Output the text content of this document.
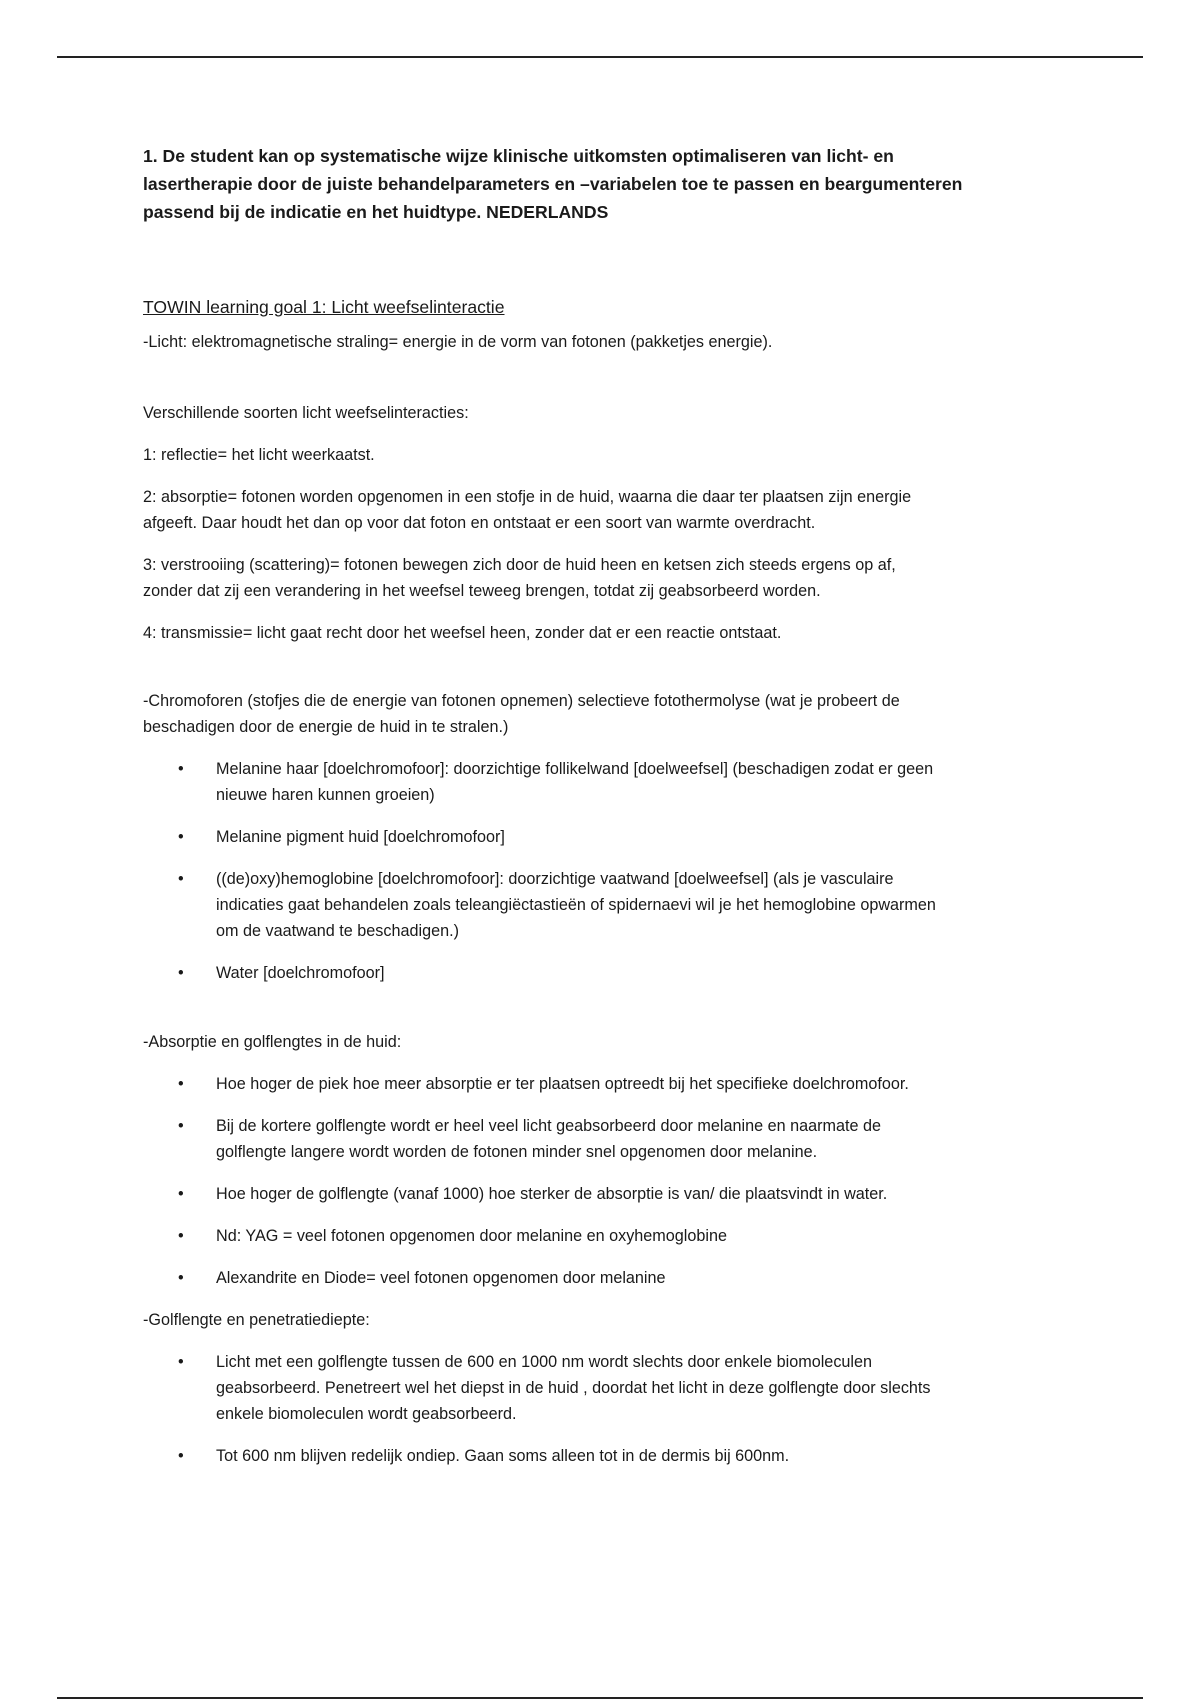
1. De student kan op systematische wijze klinische uitkomsten optimaliseren van licht- en
lasertherapie door de juiste behandelparameters en –variabelen toe te passen en beargumenteren
passend bij de indicatie en het huidtype. NEDERLANDS
TOWIN learning goal 1: Licht weefselinteractie

-Licht: elektromagnetische straling= energie in de vorm van fotonen (pakketjes energie).

Verschillende soorten licht weefselinteracties:

1: reflectie= het licht weerkaatst.

2: absorptie= fotonen worden opgenomen in een stofje in de huid, waarna die daar ter plaatsen zijn energie
afgeeft. Daar houdt het dan op voor dat foton en ontstaat er een soort van warmte overdracht.

3: verstrooiing (scattering)= fotonen bewegen zich door de huid heen en ketsen zich steeds ergens op af,
zonder dat zij een verandering in het weefsel teweeg brengen, totdat zij geabsorbeerd worden.

4: transmissie= licht gaat recht door het weefsel heen, zonder dat er een reactie ontstaat.

-Chromoforen (stofjes die de energie van fotonen opnemen) selectieve fotothermolyse (wat je probeert de
beschadigen door de energie de huid in te stralen.)

• Melanine haar [doelchromofoor]: doorzichtige follikelwand [doelweefsel] (beschadigen zodat er geen
nieuwe haren kunnen groeien)
• Melanine pigment huid [doelchromofoor]
• ((de)oxy)hemoglobine [doelchromofoor]: doorzichtige vaatwand [doelweefsel] (als je vasculaire
indicaties gaat behandelen zoals teleangiëctastieën of spidernaevi wil je het hemoglobine opwarmen
om de vaatwand te beschadigen.)
• Water [doelchromofoor]

-Absorptie en golflengtes in de huid:

• Hoe hoger de piek hoe meer absorptie er ter plaatsen optreedt bij het specifieke doelchromofoor.
• Bij de kortere golflengte wordt er heel veel licht geabsorbeerd door melanine en naarmate de
golflengte langere wordt worden de fotonen minder snel opgenomen door melanine.
• Hoe hoger de golflengte (vanaf 1000) hoe sterker de absorptie is van/ die plaatsvindt in water.
• Nd: YAG = veel fotonen opgenomen door melanine en oxyhemoglobine
• Alexandrite en Diode= veel fotonen opgenomen door melanine

-Golflengte en penetratiediepte:

• Licht met een golflengte tussen de 600 en 1000 nm wordt slechts door enkele biomoleculen
geabsorbeerd. Penetreert wel het diepst in de huid , doordat het licht in deze golflengte door slechts
enkele biomoleculen wordt geabsorbeerd.
• Tot 600 nm blijven redelijk ondiep. Gaan soms alleen tot in de dermis bij 600nm.
